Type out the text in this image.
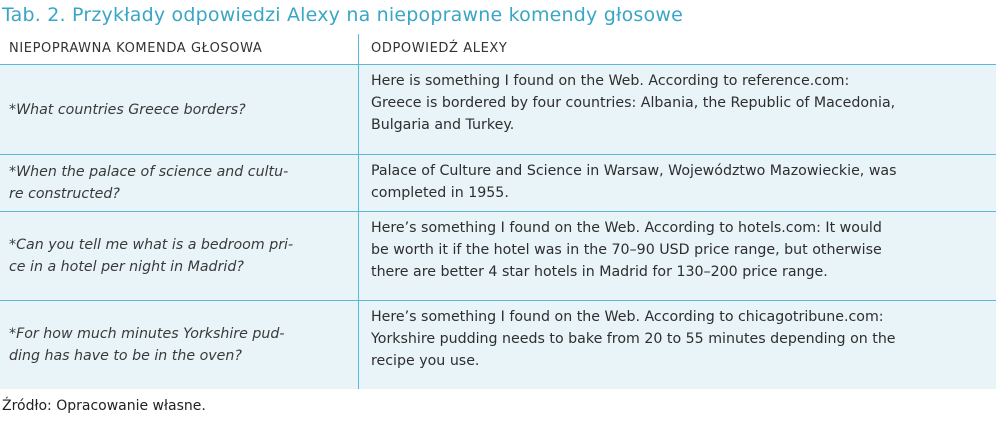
Tab. 2. Przykłady odpowiedzi Alexy na niepoprawne komendy głosowe
NIEPOPRAWNA KOMENDA GŁOSOWA	ODPOWIEDŹ ALEXY
*What countries Greece borders?
Here is something I found on the Web. According to reference.com:
Greece is bordered by four countries: Albania, the Republic of Macedonia,
Bulgaria and Turkey.
*When the palace of science and cultu-
re constructed?
Palace of Culture and Science in Warsaw, Województwo Mazowieckie, was
completed in 1955.
*Can you tell me what is a bedroom pri-
ce in a hotel per night in Madrid?
Here’s something I found on the Web. According to hotels.com: It would
be worth it if the hotel was in the 70–90 USD price range, but otherwise
there are better 4 star hotels in Madrid for 130–200 price range.
*For how much minutes Yorkshire pud-
ding has have to be in the oven?
Here’s something I found on the Web. According to chicagotribune.com:
Yorkshire pudding needs to bake from 20 to 55 minutes depending on the
recipe you use.
Źródło: Opracowanie własne.
